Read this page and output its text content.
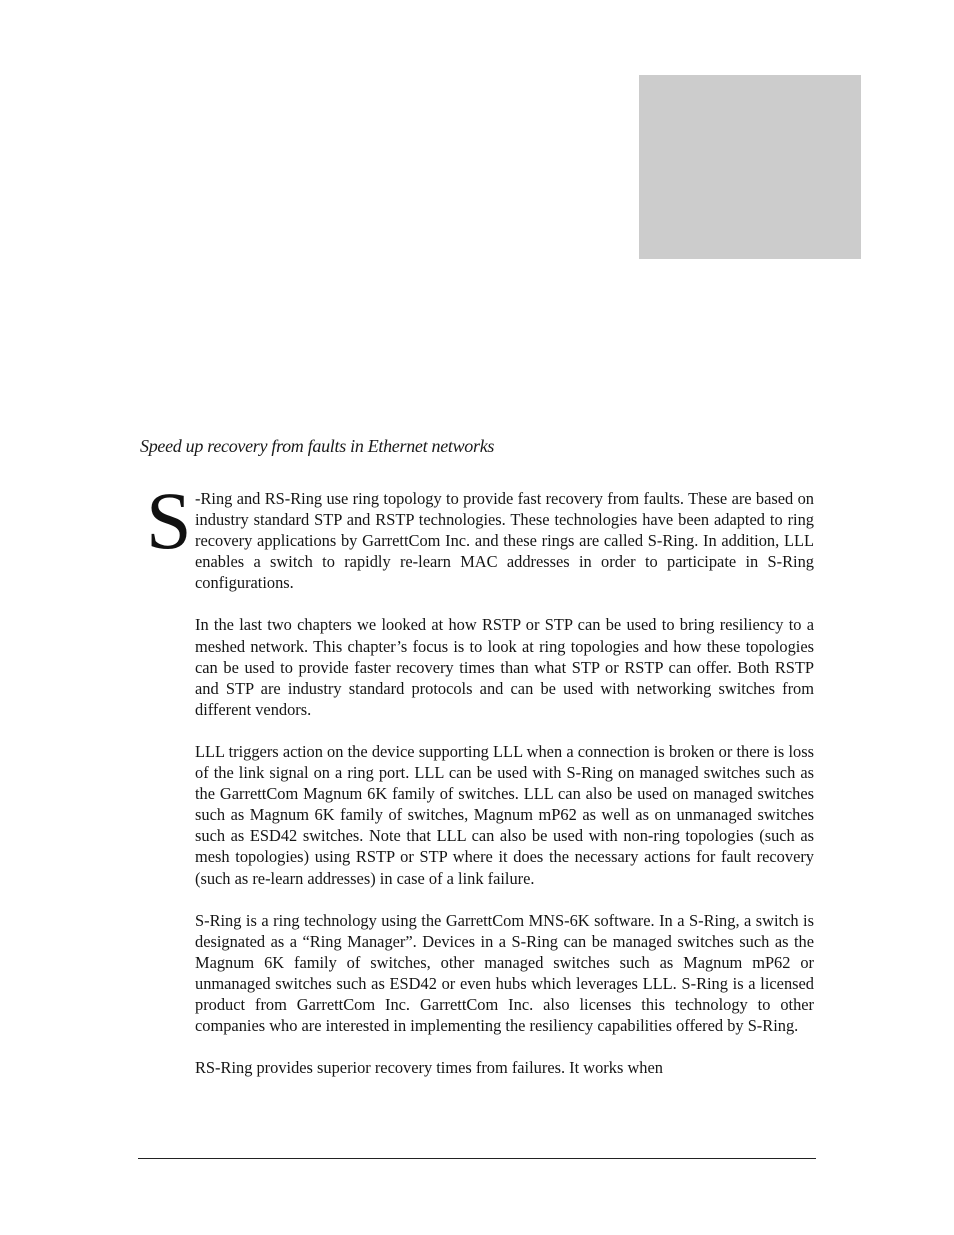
Speed up recovery from faults in Ethernet networks
S -Ring and RS-Ring use ring topology to provide fast recovery from faults. These are based on industry standard STP and RSTP technologies. These technologies have been adapted to ring recovery applications by GarrettCom Inc. and these rings are called S-Ring. In addition, LLL enables a switch to rapidly re-learn MAC addresses in order to participate in S-Ring configurations.

In the last two chapters we looked at how RSTP or STP can be used to bring resiliency to a meshed network. This chapter’s focus is to look at ring topologies and how these topologies can be used to provide faster recovery times than what STP or RSTP can offer. Both RSTP and STP are industry standard protocols and can be used with networking switches from different vendors.

LLL triggers action on the device supporting LLL when a connection is broken or there is loss of the link signal on a ring port. LLL can be used with S-Ring on managed switches such as the GarrettCom Magnum 6K family of switches. LLL can also be used on managed switches such as Magnum 6K family of switches, Magnum mP62 as well as on unmanaged switches such as ESD42 switches. Note that LLL can also be used with non-ring topologies (such as mesh topologies) using RSTP or STP where it does the necessary actions for fault recovery (such as re-learn addresses) in case of a link failure.

S-Ring is a ring technology using the GarrettCom MNS-6K software. In a S-Ring, a switch is designated as a “Ring Manager”. Devices in a S-Ring can be managed switches such as the Magnum 6K family of switches, other managed switches such as Magnum mP62 or unmanaged switches such as ESD42 or even hubs which leverages LLL. S-Ring is a licensed product from GarrettCom Inc. GarrettCom Inc. also licenses this technology to other companies who are interested in implementing the resiliency capabilities offered by S-Ring.

RS-Ring provides superior recovery times from failures. It works when
